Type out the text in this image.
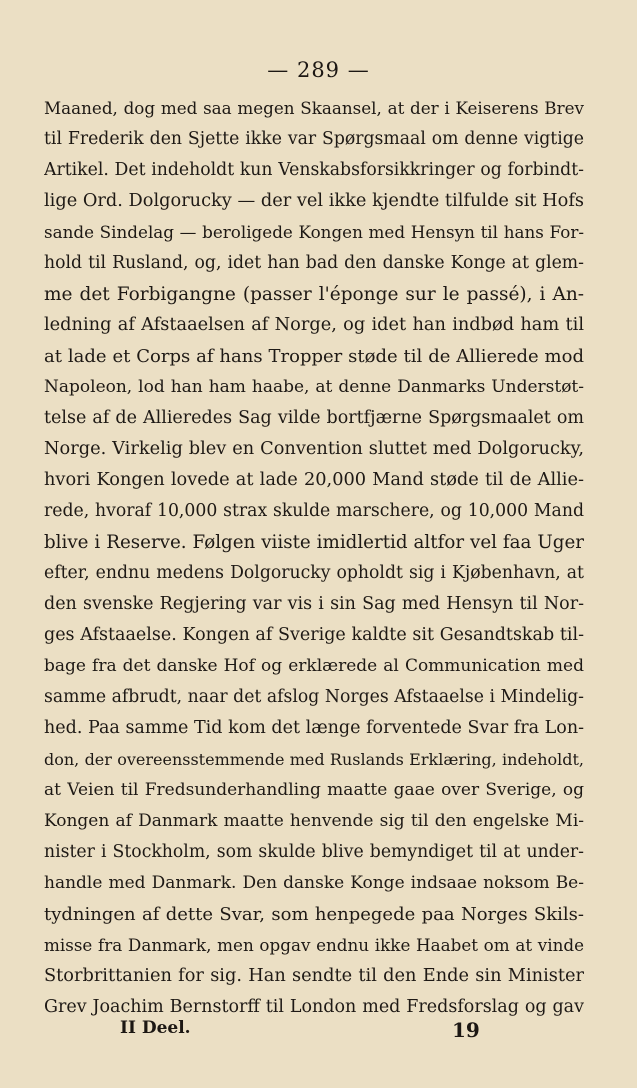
— 289 —
Maaned, dog med saa megen Skaansel, at der i Keiserens Brev
til Frederik den Sjette ikke var Spørgsmaal om denne vigtige
Artikel. Det indeholdt kun Venskabsforsikkringer og forbindt-
lige Ord. Dolgorucky — der vel ikke kjendte tilfulde sit Hofs
sande Sindelag — beroligede Kongen med Hensyn til hans For-
hold til Rusland, og, idet han bad den danske Konge at glem-
me det Forbigangne (passer l'éponge sur le passé), i An-
ledning af Afstaaelsen af Norge, og idet han indbød ham til
at lade et Corps af hans Tropper støde til de Allierede mod
Napoleon, lod han ham haabe, at denne Danmarks Understøt-
telse af de Allieredes Sag vilde bortfjærne Spørgsmaalet om
Norge. Virkelig blev en Convention sluttet med Dolgorucky,
hvori Kongen lovede at lade 20,000 Mand støde til de Allie-
rede, hvoraf 10,000 strax skulde marschere, og 10,000 Mand
blive i Reserve. Følgen viiste imidlertid altfor vel faa Uger
efter, endnu medens Dolgorucky opholdt sig i Kjøbenhavn, at
den svenske Regjering var vis i sin Sag med Hensyn til Nor-
ges Afstaaelse. Kongen af Sverige kaldte sit Gesandtskab til-
bage fra det danske Hof og erklærede al Communication med
samme afbrudt, naar det afslog Norges Afstaaelse i Mindelig-
hed. Paa samme Tid kom det længe forventede Svar fra Lon-
don, der overeensstemmende med Ruslands Erklæring, indeholdt,
at Veien til Fredsunderhandling maatte gaae over Sverige, og
Kongen af Danmark maatte henvende sig til den engelske Mi-
nister i Stockholm, som skulde blive bemyndiget til at under-
handle med Danmark. Den danske Konge indsaae noksom Be-
tydningen af dette Svar, som henpegede paa Norges Skils-
misse fra Danmark, men opgav endnu ikke Haabet om at vinde
Storbrittanien for sig. Han sendte til den Ende sin Minister
Grev Joachim Bernstorff til London med Fredsforslag og gav
II Deel.	19
